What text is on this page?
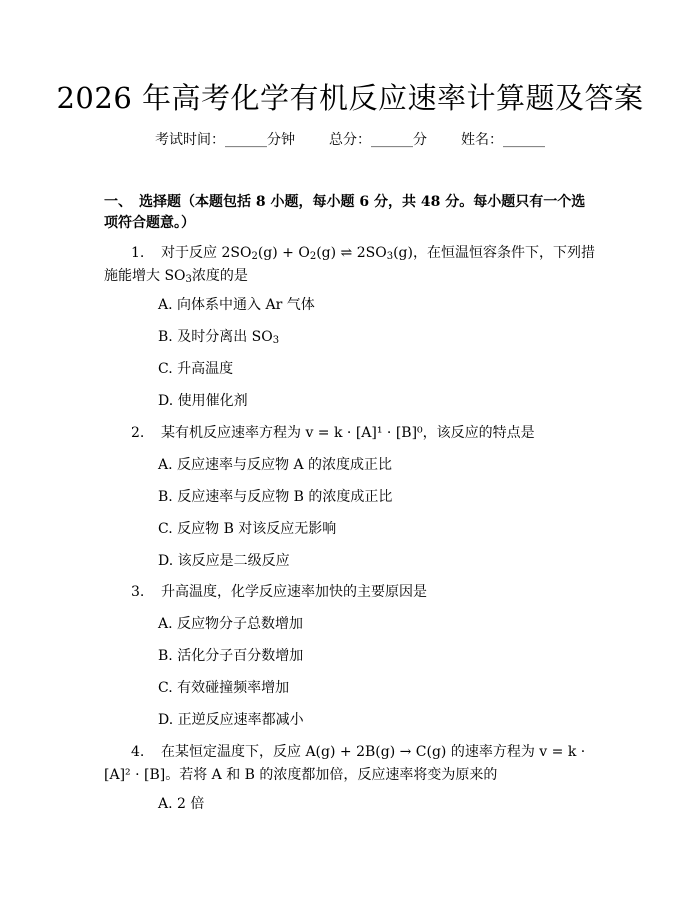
2026 年高考化学有机反应速率计算题及答案
考试时间：______分钟 总分：______分 姓名：______
一、 选择题（本题包括 8 小题，每小题 6 分，共 48 分。每小题只有一个选项符合题意。）
1. 对于反应 $2SO_2(g) + O_2(g)$ ⇌ $2SO_3(g)$，在恒温恒容条件下，下列措施能增大 $SO_3$浓度的是
A. 向体系中通入 Ar 气体
B. 及时分离出 $SO_3$
C. 升高温度
D. 使用催化剂
2. 某有机反应速率方程为 v = k · [A]¹ · [B]⁰，该反应的特点是
A. 反应速率与反应物 A 的浓度成正比
B. 反应速率与反应物 B 的浓度成正比
C. 反应物 B 对该反应无影响
D. 该反应是二级反应
3. 升高温度，化学反应速率加快的主要原因是
A. 反应物分子总数增加
B. 活化分子百分数增加
C. 有效碰撞频率增加
D. 正逆反应速率都减小
4. 在某恒定温度下，反应 A(g) + 2B(g) → C(g) 的速率方程为 v = k · [A]² · [B]。若将 A 和 B 的浓度都加倍，反应速率将变为原来的
A. 2 倍
